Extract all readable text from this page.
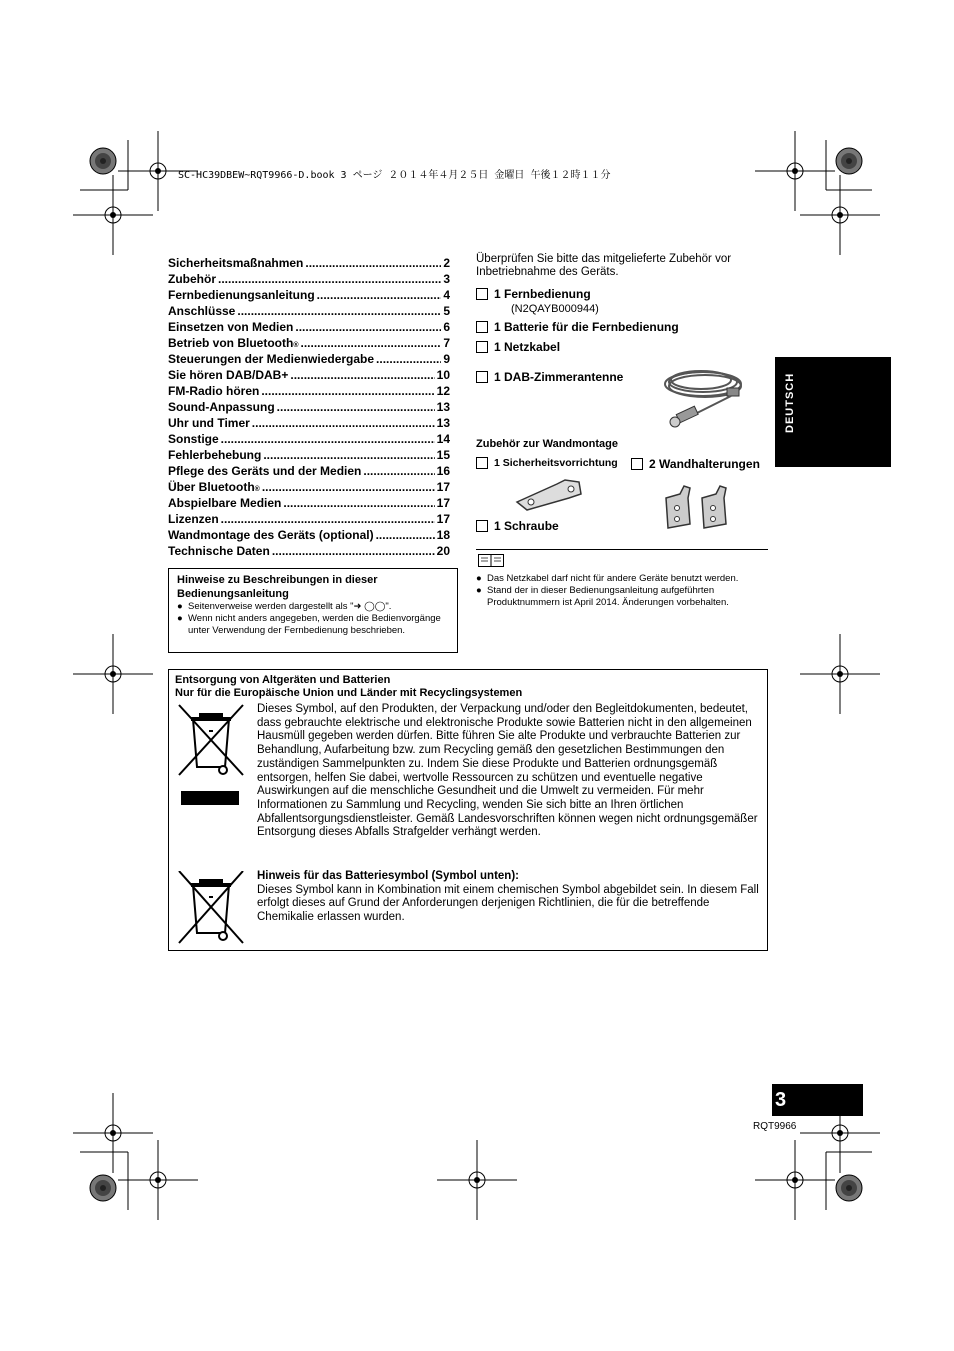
SC-HC39DBEW~RQT9966-D.book 3 ページ ２０１４年４月２５日 金曜日 午後１２時１１分
Sicherheitsmaßnahmen .....	2
Zubehör .....	3
Fernbedienungsanleitung .....	4
Anschlüsse .....	5
Einsetzen von Medien .....	6
Betrieb von Bluetooth ® .....	7
Steuerungen der Medienwiedergabe .....	9
Sie hören DAB/DAB+ .....	10
FM-Radio hören .....	12
Sound-Anpassung .....	13
Uhr und Timer .....	13
Sonstige .....	14
Fehlerbehebung .....	15
Pflege des Geräts und der Medien .....	16
Über Bluetooth ® .....	17
Abspielbare Medien .....	17
Lizenzen .....	17
Wandmontage des Geräts (optional) .....	18
Technische Daten .....	20
Hinweise zu Beschreibungen in dieser Bedienungsanleitung
● Seitenverweise werden dargestellt als "➜ ◯◯".
● Wenn nicht anders angegeben, werden die Bedienvorgänge unter Verwendung der Fernbedienung beschrieben.
Überprüfen Sie bitte das mitgelieferte Zubehör vor Inbetriebnahme des Geräts.
1 Fernbedienung
(N2QAYB000944)
1 Batterie für die Fernbedienung
1 Netzkabel
1 DAB-Zimmerantenne
Zubehör zur Wandmontage
1 Sicherheitsvorrichtung	2 Wandhalterungen
1 Schraube
● Das Netzkabel darf nicht für andere Geräte benutzt werden.
● Stand der in dieser Bedienungsanleitung aufgeführten Produktnummern ist April 2014. Änderungen vorbehalten.
DEUTSCH
Entsorgung von Altgeräten und Batterien
Nur für die Europäische Union und Länder mit Recyclingsystemen
Dieses Symbol, auf den Produkten, der Verpackung und/oder den Begleitdokumenten, bedeutet, dass gebrauchte elektrische und elektronische Produkte sowie Batterien nicht in den allgemeinen Hausmüll gegeben werden dürfen. Bitte führen Sie alte Produkte und verbrauchte Batterien zur Behandlung, Aufarbeitung bzw. zum Recycling gemäß den gesetzlichen Bestimmungen den zuständigen Sammelpunkten zu. Indem Sie diese Produkte und Batterien ordnungsgemäß entsorgen, helfen Sie dabei, wertvolle Ressourcen zu schützen und eventuelle negative Auswirkungen auf die menschliche Gesundheit und die Umwelt zu vermeiden. Für mehr Informationen zu Sammlung und Recycling, wenden Sie sich bitte an Ihren örtlichen Abfallentsorgungsdienstleister. Gemäß Landesvorschriften können wegen nicht ordnungsgemäßer Entsorgung dieses Abfalls Strafgelder verhängt werden.
Hinweis für das Batteriesymbol (Symbol unten):
Dieses Symbol kann in Kombination mit einem chemischen Symbol abgebildet sein. In diesem Fall erfolgt dieses auf Grund der Anforderungen derjenigen Richtlinien, die für die betreffende Chemikalie erlassen wurden.
3
RQT9966
